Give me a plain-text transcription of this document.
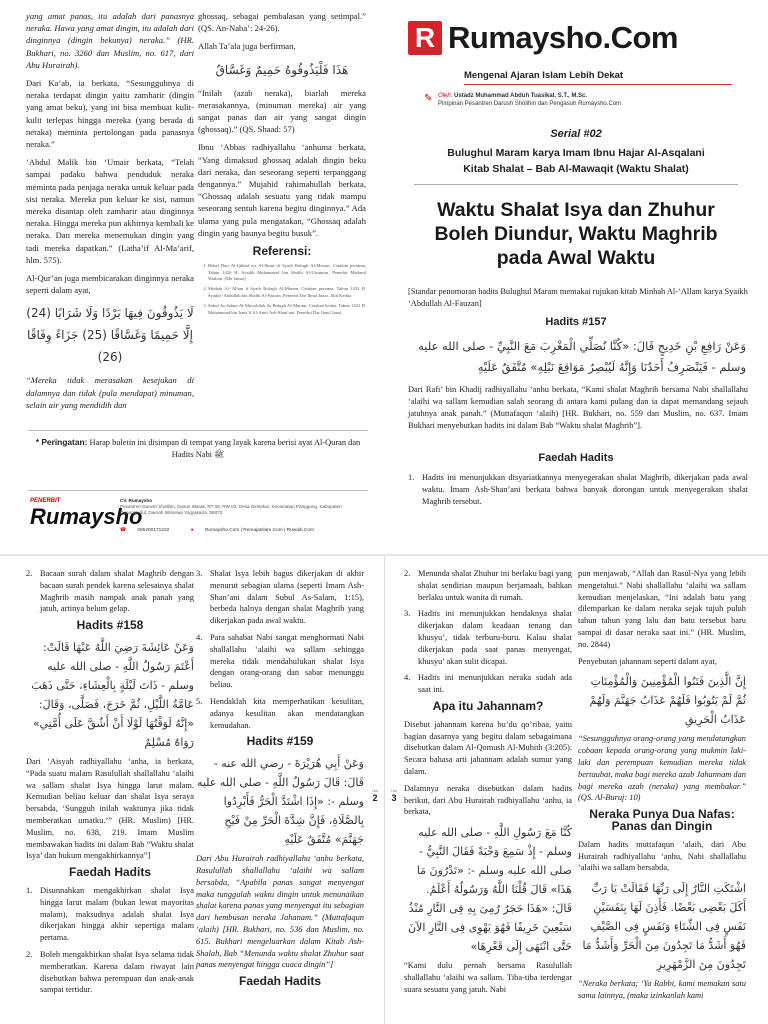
yang amat panas, itu adalah dari panasnya neraka. Hawa yang amat dingin, itu adalah dari dinginnya (dingin bekunya) neraka.” (HR. Bukhari, no. 3260 dan Muslim, no. 617, dari Abu Hurairah).

Dari Ka’ab, ia berkata, “Sesungguhnya di neraka terdapat dingin yaitu zamharir (dingin yang amat beku), yang ini bisa membuat kulit-kulit terlepas hingga mereka (yang berada di neraka) meminta pertolongan pada panasnya neraka.”

‘Abdul Malik bin ‘Umair berkata, “Telah sampai padaku bahwa penduduk neraka meminta pada penjaga neraka untuk keluar pada sisi neraka. Mereka pun keluar ke sisi, namun mereka disantap oleh zamharir atau dinginnya neraka. Hingga mereka pun akhirnya kembali ke neraka. Dan mereka menemukan dingin yang tadi mereka dapatkan.” (Latha’if Al-Ma’arif, hlm. 575).

Al-Qur’an juga membicarakan dinginnya neraka seperti dalam ayat,

لَا يَذُوقُونَ فِيهَا بَرْدًا وَلَا شَرَابًا (24) إِلَّا حَمِيمًا وَغَسَّاقًا (25) جَزَاءً وِفَاقًا (26)

“Mereka tidak merasakan kesejukan di dalamnya dan tidak (pula mendapat) minuman, selain air yang mendidih dan

ghossaq, sebagai pembalasan yang setimpal.” (QS. An-Naba’: 24-26).

Allah Ta’ala juga berfirman,

هَذَا فَلْيَذُوقُوهُ حَمِيمٌ وَغَسَّاقٌ

“Inilah (azab neraka), biarlah mereka merasakannya, (minuman mereka) air yang sangat panas dan air yang sangat dingin (ghossaq).” (QS. Shaad: 57)

Ibnu ‘Abbas radhiyallahu ‘anhuma berkata, “Yang dimaksud ghossaq adalah dingin beku dari neraka, dan seseorang seperti terpanggang dengannya.” Mujahid rahimahullah berkata, “Ghossaq adalah sesuatu yang tidak mampu seseorang sentuh karena begitu dinginnya.” Ada ulama yang pula mengatakan, “Ghossaq adalah dingin yang baunya begitu busuk”.

Referensi:
1. Bekal Dari Al-Ijtihad wa Al-Ihsan di Syarh Bulugh Al-Maram. Cetakan pertama, Tahun 1426 H. Syaikh Muhammad bin Shalih Al-Utsaimin. Penerbit Madarul Wathon. [Ma’lumat]
2. Minhah Al-‘Allam fi Syarh Bulugh Al-Maram. Cetakan pertama, Tahun 1432 H. Syaikh ‘Abdullah bin Shalih Al-Fauzan. Penerbit Dar Ibnul Jauzi. Jilid Kedua
3. Subul As-Salam Al-Mawshilah ila Bulugh Al-Maram. Cetakan kedua, Tahun 1432 H. Muhammad bin Isma’il Al-Amir Ash-Shan’ani. Penerbit Dar Ibnul Jauzi
* Peringatan: Harap buletin ini disimpan di tempat yang layak karena berisi ayat Al-Quran dan Hadits Nabi ﷺ
PENERBIT
Rumaysho
CV. Rumaysho
Pesantren Darush Sholihin, Dusun Warak, RT 08, RW 02, Desa Girisekar, Kecamatan Panggang, Kabupaten Gunungkidul, Daerah Istimewa Yogyakarta, 55872.
☎ 085200171222	● Rumaysho.Com | RemajaIslam.Com | Ruwaih.Com
R Rumaysho.Com
Mengenal Ajaran Islam Lebih Dekat
✎ Oleh: Ustadz Muhammad Abduh Tuasikal, S.T., M.Sc.
Pimpinan Pesantren Darush Sholihin dan Pengasuh Rumaysho.Com
Serial #02
Bulughul Maram karya Imam Ibnu Hajar Al-Asqalani
Kitab Shalat – Bab Al-Mawaqit (Waktu Shalat)
Waktu Shalat Isya dan Zhuhur
Boleh Diundur, Waktu Maghrib
pada Awal Waktu
[Standar penomoran hadits Bulughul Maram memakai rujukan kitab Minhah Al-‘Allam karya Syaikh ‘Abdullah Al-Fauzan]
Hadits #157
وَعَنْ رَافِعِ بْنِ خَدِيجٍ قَالَ: «كُنَّا نُصَلِّي الْمَغْرِبَ مَعَ النَّبِيِّ - صلى الله عليه وسلم - فَيَنْصَرِفُ أَحَدُنَا وَإِنَّهُ لَيُبْصِرُ مَوَاقِعَ نَبْلِهِ» مُتَّفَقٌ عَلَيْهِ
Dari Rafi’ bin Khadij radhiyallahu ‘anhu berkata, “Kami shalat Maghrib bersama Nabi shallallahu ‘alaihi wa sallam kemudian salah seorang di antara kami pulang dan ia dapat memandang sejauh jatuhnya anak panah.” (Muttafaqun ‘alaih) [HR. Bukhari, no. 559 dan Muslim, no. 637. Imam Bukhari menyebutkan hadits ini dalam Bab “Waktu shalat Maghrib”].
Faedah Hadits
1. Hadits ini menunjukkan disyariatkannya menyegerakan shalat Maghrib, dikerjakan pada awal waktu. Imam Ash-Shan’ani berkata bahwa banyak dorongan untuk menyegerakan shalat Maghrib tersebut.
2. Bacaan surah dalam shalat Maghrib dengan bacaan surah pendek karena selesainya shalat Maghrib masih nampak anak panah yang jatuh, artinya belum gelap.
Hadits #158
وَعَنْ عَائِشَةَ رَضِيَ اللَّهُ عَنْهَا قَالَتْ: أَعْتَمَ رَسُولُ اللَّهِ - صلى الله عليه وسلم - ذَاتَ لَيْلَةٍ بِالْعِشَاءِ، حَتَّى ذَهَبَ عَامَّةُ اللَّيْلِ، ثُمَّ خَرَجَ، فَصَلَّى، وَقَالَ: «إِنَّهُ لَوَقْتُهَا لَوْلَا أَنْ أَشُقَّ عَلَى أُمَّتِي» رَوَاهُ مُسْلِمٌ

Dari ‘Aisyah radhiyallahu ‘anha, ia berkata, “Pada suatu malam Rasulullah shallallahu ‘alaihi wa sallam shalat Isya hingga larut malam. Kemudian beliau keluar dan shalat Isya seraya bersabda, ‘Sungguh inilah waktunya jika tidak memberatkan umatku.’” (HR. Muslim) [HR. Muslim, no. 638, 219. Imam Muslim membawakan hadits ini dalam Bab “Waktu shalat Isya’ dan hukum mengakhirkannya”]

Faedah Hadits
1. Disunnahkan mengakhirkan shalat Isya hingga larut malam (bukan lewat mayoritas malam), maksudnya adalah shalat Isya dikerjakan hingga akhir sepertiga malam pertama.
2. Boleh mengakhirkan shalat Isya selama tidak memberatkan. Karena dalam riwayat lain disebutkan bahwa perempuan dan anak-anak sampai tertidur.
3. Shalat Isya lebih bagus dikerjakan di akhir menurut sebagian ulama (seperti Imam Ash-Shan’ani dalam Subul As-Salam, 1:15), berbeda halnya dengan shalat Maghrib yang dikerjakan pada awal waktu.
4. Para sahabat Nabi sangat menghormati Nabi shallallahu ‘alaihi wa sallam sehingga mereka tidak mendahulukan shalat Isya dengan orang-orang dan sabar menunggu beliau.
5. Hendaklah kita memperhatikan kesulitan, adanya kesulitan akan mendatangkan kemudahan.
Hadits #159
وَعَنْ أَبِي هُرَيْرَةَ - رضي الله عنه - قَالَ: قَالَ رَسُولُ اللَّهِ - صلى الله عليه وسلم -: «إِذَا اشْتَدَّ الْحَرُّ فَأَبْرِدُوا بِالصَّلَاةِ، فَإِنَّ شِدَّةَ الْحَرِّ مِنْ فَيْحِ جَهَنَّمَ» مُتَّفَقٌ عَلَيْهِ

Dari Abu Hurairah radhiyallahu ‘anhu berkata, Rasulullah shallallahu ‘alaihi wa sallam bersabda, “Apabila panas sangat menyengat maka tunggulah waktu dingin untuk menunaikan shalat karena panas yang menyengat itu sebagian dari hembusan neraka Jahanam.” (Muttafaqun ‘alaih) [HR. Bukhari, no. 536 dan Muslim, no. 615. Bukhari mengeluarkan dalam Kitab Ash-Shalah, Bab “Menunda waktu shalat Zhuhur saat panas menyengat hingga cuaca dingin”]

Faedah Hadits
hal
2
hal
3
2. Menunda shalat Zhuhur ini berlaku bagi yang shalat sendirian maupun berjamaah, bahkan berlaku untuk wanita di rumah.
3. Hadits ini menunjukkan hendaknya shalat dikerjakan dalam keadaan tenang dan khusyu’, tidak terburu-buru. Kalau shalat dikerjakan pada saat panas menyengat, khusyu’ akan sulit dicapai.
4. Hadits ini menunjukkan neraka sudah ada saat ini.
Apa itu Jahannam?

Disebut jahannam karena bu’du qo’ribaa, yaitu bagian dasarnya yang begitu dalam sebagaimana disebutkan dalam Al-Qomush Al-Muhith (3:205). Secara bahasa arti jahannam adalah sumur yang dalam.

Dalamnya neraka disebutkan dalam hadits berikut, dari Abu Hurairah radhiyallahu ‘anhu, ia berkata,

كُنَّا مَعَ رَسُولِ اللَّهِ - صلى الله عليه وسلم - إِذْ سَمِعَ وَجْبَةً فَقَالَ النَّبِيُّ - صلى الله عليه وسلم -: «تَدْرُونَ مَا هَذَا» قَالَ قُلْنَا اللَّهُ وَرَسُولُهُ أَعْلَمُ. قَالَ: «هَذَا حَجَرٌ رُمِىَ بِهِ فِى النَّارِ مُنْذُ سَبْعِينَ خَرِيفًا فَهُوَ يَهْوِى فِى النَّارِ الآنَ حَتَّى انْتَهَى إِلَى قَعْرِهَا»

“Kami dulu pernah bersama Rasulullah shallallahu ‘alaihi wa sallam. Tiba-tiba terdengar suara sesuatu yang jatuh. Nabi

pun menjawab, “Allah dan Rasul-Nya yang lebih mengetahui.” Nabi shallallahu ‘alaihi wa sallam kemudian menjelaskan, “Ini adalah batu yang dilemparkan ke dalam neraka sejak tujuh puluh tahun tahun yang lalu dan batu tersebut baru sampai di dasar neraka saat ini.” (HR. Muslim, no. 2844)

Penyebutan jahannam seperti dalam ayat,

إِنَّ الَّذِينَ فَتَنُوا الْمُؤْمِنِينَ وَالْمُؤْمِنَاتِ ثُمَّ لَمْ يَتُوبُوا فَلَهُمْ عَذَابُ جَهَنَّمَ وَلَهُمْ عَذَابُ الْحَرِيقِ

“Sesungguhnya orang-orang yang mendatangkan cobaan kepada orang-orang yang mukmin laki-laki dan perempuan kemudian mereka tidak bertaubat, maka bagi mereka azab Jahannam dan bagi mereka azab (neraka) yang membakar.” (QS. Al-Buruj: 10)

Neraka Punya Dua Nafas: Panas dan Dingin

Dalam hadits muttafaqun ‘alaih, dari Abu Hurairah radhiyallahu ‘anhu, Nabi shallallahu ‘alaihi wa sallam bersabda,

اشْتَكَتِ النَّارُ إِلَى رَبِّهَا فَقَالَتْ يَا رَبِّ أَكَلَ بَعْضِى بَعْضًا. فَأَذِنَ لَهَا بِنَفَسَيْنِ نَفَسٍ فِى الشِّتَاءِ وَنَفَسٍ فِى الصَّيْفِ فَهُوَ أَشَدُّ مَا تَجِدُونَ مِنَ الْحَرِّ وَأَشَدُّ مَا تَجِدُونَ مِنَ الزَّمْهَرِيرِ

“Neraka berkata; ‘Ya Rabbi, kami memakan satu sama lainnya, (maka izinkanlah kami
